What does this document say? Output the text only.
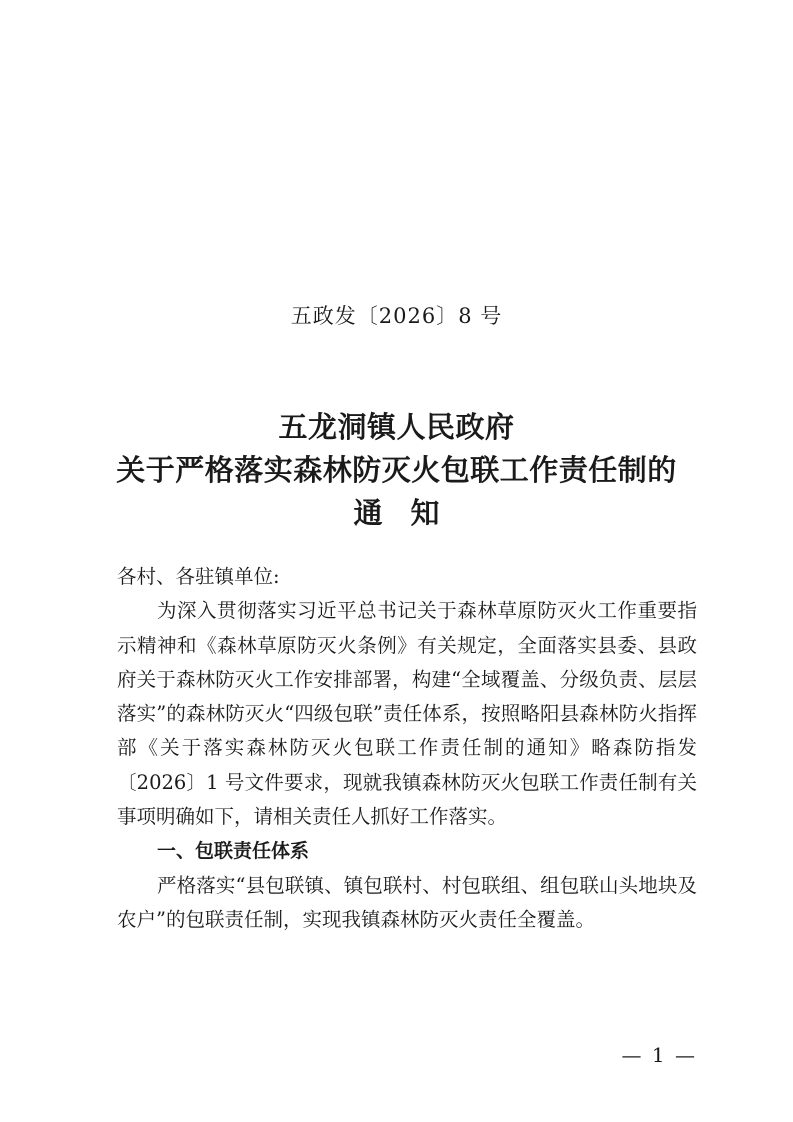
五政发〔2026〕8 号
五龙洞镇人民政府
关于严格落实森林防灭火包联工作责任制的
通知

各村、各驻镇单位:

为深入贯彻落实习近平总书记关于森林草原防灭火工作重要指示精神和《森林草原防灭火条例》有关规定，全面落实县委、县政府关于森林防灭火工作安排部署，构建“全域覆盖、分级负责、层层落实”的森林防灭火“四级包联”责任体系，按照略阳县森林防火指挥部《关于落实森林防灭火包联工作责任制的通知》略森防指发〔2026〕1 号文件要求，现就我镇森林防灭火包联工作责任制有关事项明确如下，请相关责任人抓好工作落实。

一、包联责任体系

严格落实“县包联镇、镇包联村、村包联组、组包联山头地块及农户”的包联责任制，实现我镇森林防灭火责任全覆盖。

— 1 —
